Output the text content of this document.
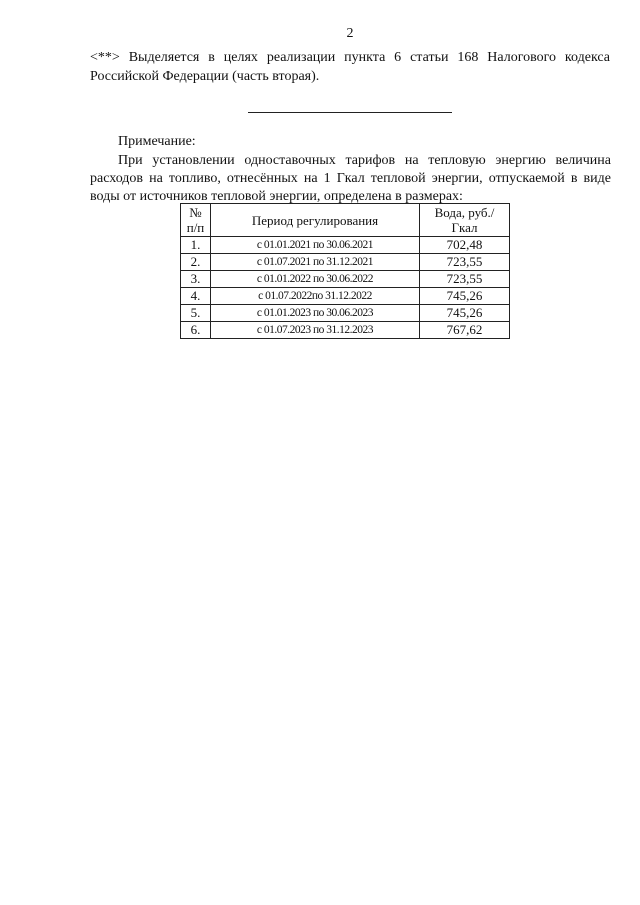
2
<**> Выделяется в целях реализации пункта 6 статьи 168 Налогового кодекса Российской Федерации (часть вторая).
Примечание:
При установлении одноставочных тарифов на тепловую энергию величина расходов на топливо, отнесённых на 1 Гкал тепловой энергии, отпускаемой в виде воды от источников тепловой энергии, определена в размерах:
№ п/п	Период регулирования	Вода, руб./Гкал
1.	с 01.01.2021 по 30.06.2021	702,48
2.	с 01.07.2021 по 31.12.2021	723,55
3.	с 01.01.2022 по 30.06.2022	723,55
4.	с 01.07.2022по 31.12.2022	745,26
5.	с 01.01.2023 по 30.06.2023	745,26
6.	с 01.07.2023 по 31.12.2023	767,62
